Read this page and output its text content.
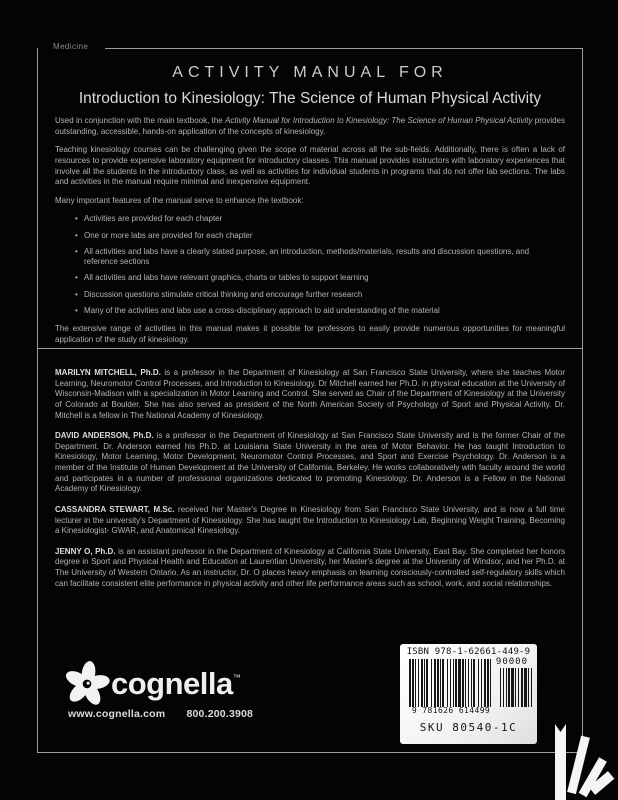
Medicine
ACTIVITY MANUAL FOR
Introduction to Kinesiology: The Science of Human Physical Activity

Used in conjunction with the main textbook, the Activity Manual for Introduction to Kinesiology: The Science of Human Physical Activity provides outstanding, accessible, hands-on application of the concepts of kinesiology.

Teaching kinesiology courses can be challenging given the scope of material across all the sub-fields. Additionally, there is often a lack of resources to provide expensive laboratory equipment for introductory classes. This manual provides instructors with laboratory experiences that involve all the students in the introductory class, as well as activities for individual students in programs that do not offer lab sections. The labs and activities in the manual require minimal and inexpensive equipment.

Many important features of the manual serve to enhance the textbook:

• Activities are provided for each chapter
• One or more labs are provided for each chapter
• All activities and labs have a clearly stated purpose, an introduction, methods/materials, results and discussion questions, and reference sections
• All activities and labs have relevant graphics, charts or tables to support learning
• Discussion questions stimulate critical thinking and encourage further research
• Many of the activities and labs use a cross-disciplinary approach to aid understanding of the material

The extensive range of activities in this manual makes it possible for professors to easily provide numerous opportunities for meaningful application of the study of kinesiology.

MARILYN MITCHELL, Ph.D. is a professor in the Department of Kinesiology at San Francisco State University, where she teaches Motor Learning, Neuromotor Control Processes, and Introduction to Kinesiology. Dr Mitchell earned her Ph.D. in physical education at the University of Wisconsin-Madison with a specialization in Motor Learning and Control. She served as Chair of the Department of Kinesiology at the University of Colorado at Boulder. She has also served as president of the North American Society of Psychology of Sport and Physical Activity. Dr. Mitchell is a fellow in The National Academy of Kinesiology.

DAVID ANDERSON, Ph.D. is a professor in the Department of Kinesiology at San Francisco State University and is the former Chair of the Department. Dr. Anderson earned his Ph.D. at Louisiana State University in the area of Motor Behavior. He has taught Introduction to Kinesiology, Motor Learning, Motor Development, Neuromotor Control Processes, and Sport and Exercise Psychology. Dr. Anderson is a member of the Institute of Human Development at the University of California, Berkeley. He works collaboratively with faculty around the world and participates in a number of professional organizations dedicated to promoting Kinesiology. Dr. Anderson is a Fellow in the National Academy of Kinesiology.

CASSANDRA STEWART, M.Sc. received her Master's Degree in Kinesiology from San Francisco State University, and is now a full time lecturer in the university's Department of Kinesiology. She has taught the Introduction to Kinesiology Lab, Beginning Weight Training, Becoming a Kinesiologist- GWAR, and Anatomical Kinesiology.

JENNY O, Ph.D. is an assistant professor in the Department of Kinesiology at California State University, East Bay. She completed her honors degree in Sport and Physical Health and Education at Laurentian University, her Master's degree at the University of Windsor, and her Ph.D. at The University of Western Ontario. As an instructor, Dr. O places heavy emphasis on learning consciously-controlled self-regulatory skills which can facilitate consistent elite performance in physical activity and other life performance areas such as school, work, and social relationships.

cognella™
www.cognella.com 800.200.3908
ISBN 978-1-62661-449-9
90000
9 781626 614499
SKU 80540-1C
